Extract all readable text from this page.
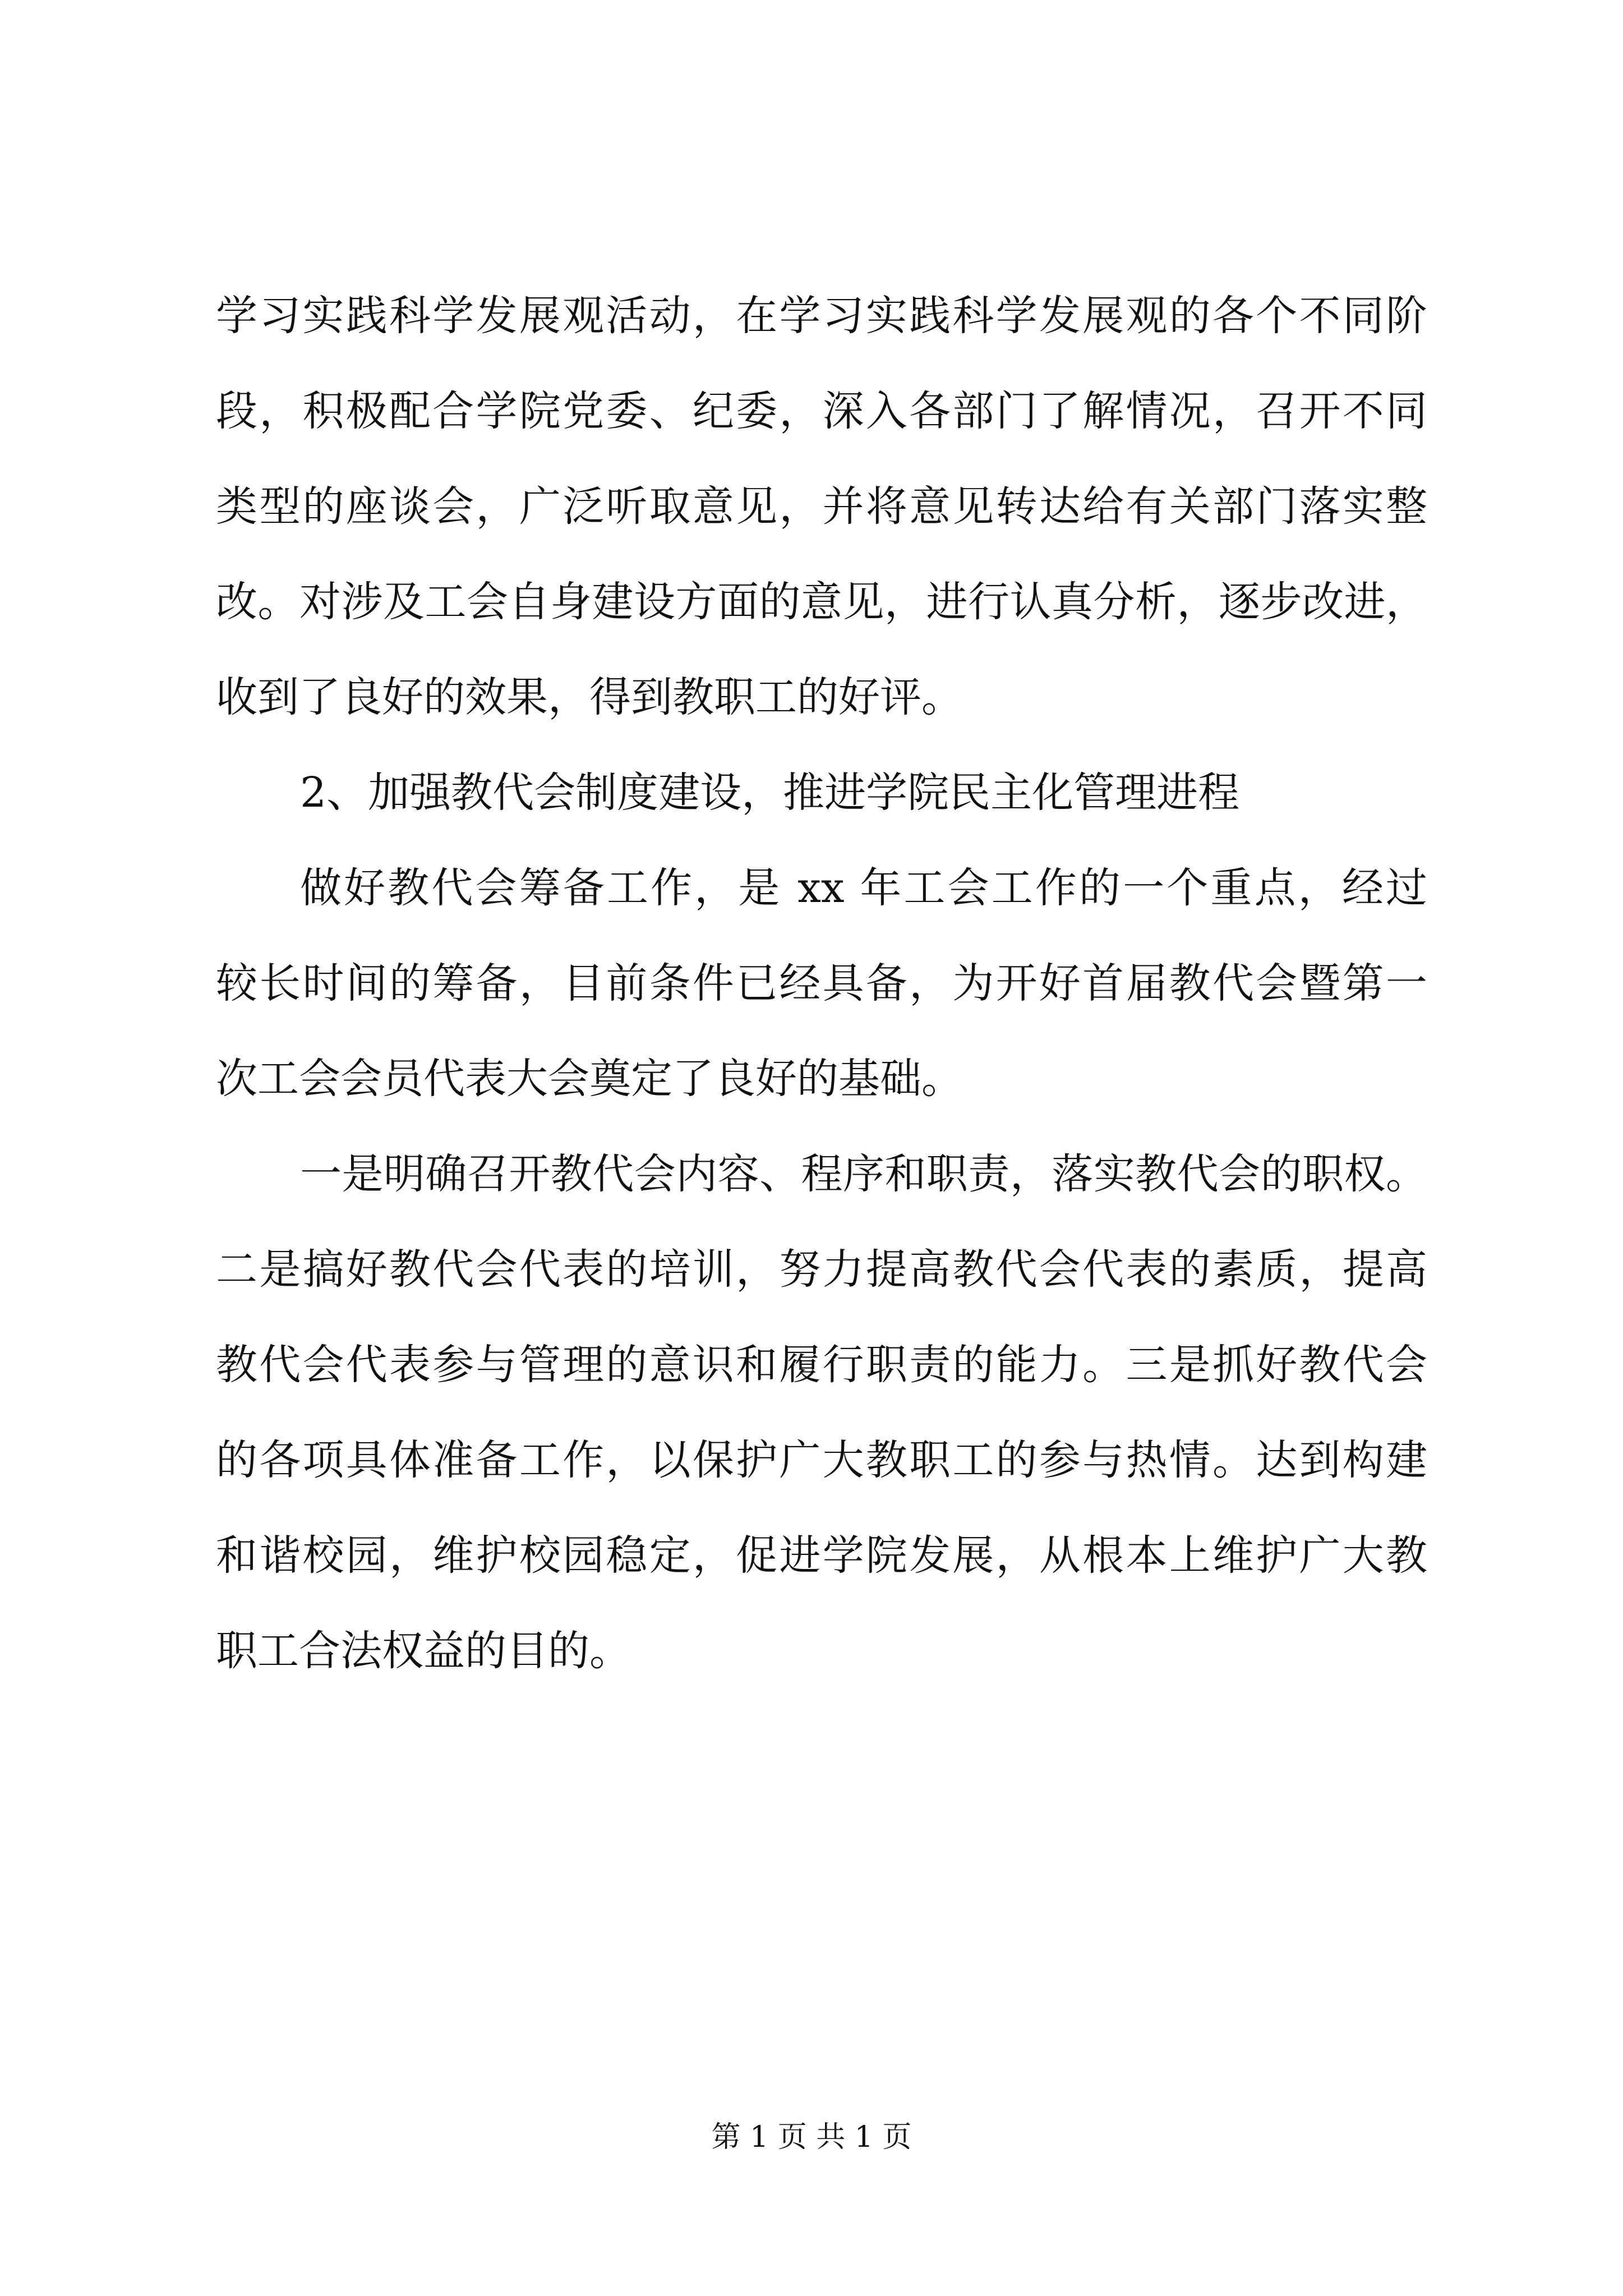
学习实践科学发展观活动，在学习实践科学发展观的各个不同阶
段，积极配合学院党委、纪委，深入各部门了解情况，召开不同
类型的座谈会，广泛听取意见，并将意见转达给有关部门落实整
改。对涉及工会自身建设方面的意见，进行认真分析，逐步改进，
收到了良好的效果，得到教职工的好评。
2、加强教代会制度建设，推进学院民主化管理进程
做好教代会筹备工作，是 xx 年工会工作的一个重点，经过
较长时间的筹备，目前条件已经具备，为开好首届教代会暨第一
次工会会员代表大会奠定了良好的基础。
一是明确召开教代会内容、程序和职责，落实教代会的职权。
二是搞好教代会代表的培训，努力提高教代会代表的素质，提高
教代会代表参与管理的意识和履行职责的能力。三是抓好教代会
的各项具体准备工作，以保护广大教职工的参与热情。达到构建
和谐校园，维护校园稳定，促进学院发展，从根本上维护广大教
职工合法权益的目的。
第 1 页 共 1 页
